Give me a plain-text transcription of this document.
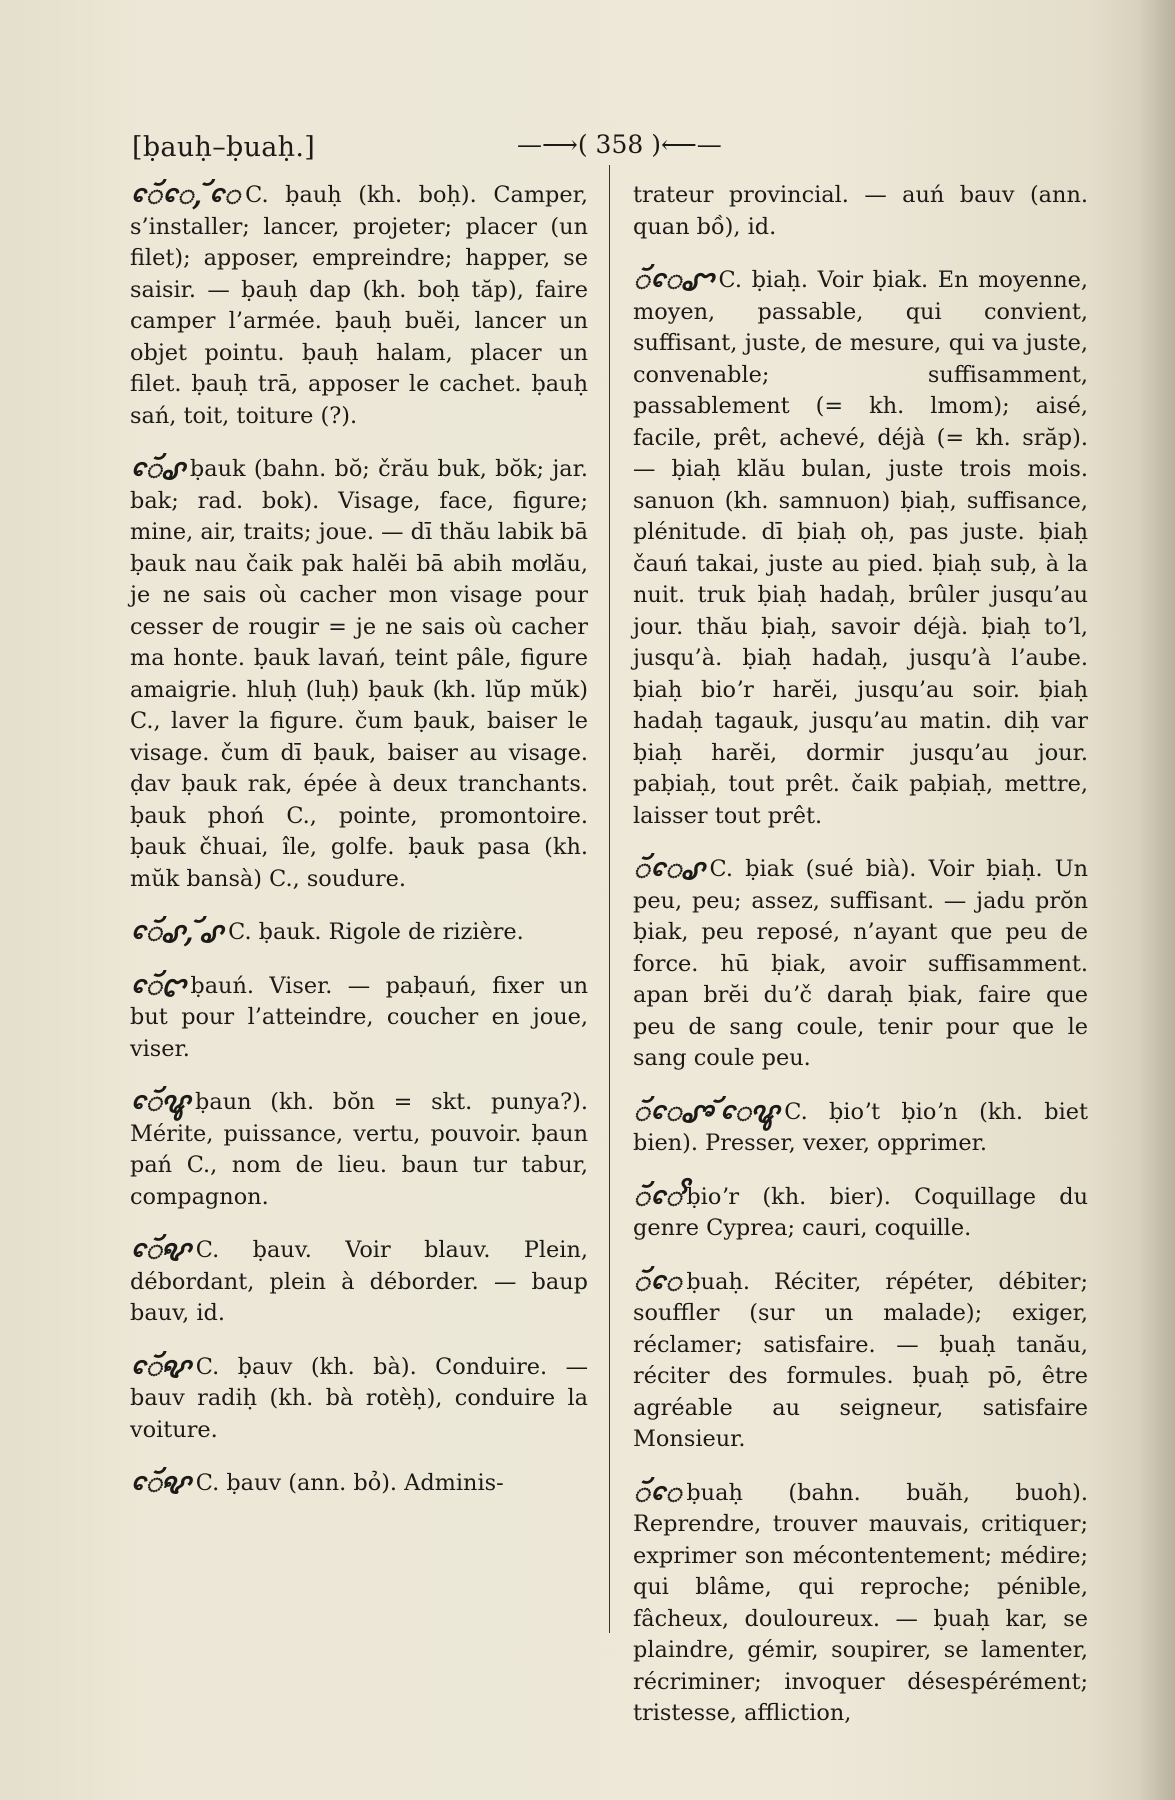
[ḅauḥ–ḅuaḥ.]	—⟶( 358 )⟵—

ꨯꨮꨯ, ꨮꨯ C. ḅauḥ (kh. boḥ). Camper, s’installer; lancer, projeter; placer (un filet); apposer, empreindre; happer, se saisir. — ḅauḥ dap (kh. boḥ tăp), faire camper l’armée. ḅauḥ buĕi, lancer un objet pointu. ḅauḥ halam, placer un filet. ḅauḥ trā, apposer le cachet. ḅauḥ sań, toit, toiture (?).

ꨯꨮꨣ ḅauk (bahn. bŏ; črău buk, bŏk; jar. bak; rad. bok). Visage, face, figure; mine, air, traits; joue. — dī thău labik bā ḅauk nau čaik pak halĕi bā abih mơlău, je ne sais où cacher mon visage pour cesser de rougir = je ne sais où cacher ma honte. ḅauk lavań, teint pâle, figure amaigrie. hluḥ (luḥ) ḅauk (kh. lŭp mŭk) C., laver la figure. čum ḅauk, baiser le visage. čum dī ḅauk, baiser au visage. ḍav ḅauk rak, épée à deux tranchants. ḅauk phoń C., pointe, promontoire. ḅauk čhuai, île, golfe. ḅauk pasa (kh. mŭk bansà) C., soudure.

ꨯꨮꨣ, ꨮꨣ C. ḅauk. Rigole de rizière.

ꨯꨮꨤ ḅauń. Viser. — paḅauń, fixer un but pour l’atteindre, coucher en joue, viser.

ꨯꨮꨥ ḅaun (kh. bŏn = skt. punya?). Mérite, puissance, vertu, pouvoir. ḅaun pań C., nom de lieu. baun tur tabur, compagnon.

ꨯꨮꨦ C. ḅauv. Voir blauv. Plein, débordant, plein à déborder. — baup bauv, id.

ꨯꨮꨦ C. ḅauv (kh. bà). Conduire. — bauv radiḥ (kh. bà rotèḥ), conduire la voiture.

ꨯꨮꨦ C. ḅauv (ann. bỏ). Adminis-

trateur provincial. — auń bauv (ann. quan bồ), id.

ꨮꨯꨧ C. ḅiaḥ. Voir ḅiak. En moyenne, moyen, passable, qui convient, suffisant, juste, de mesure, qui va juste, convenable; suffisamment, passablement (= kh. lmom); aisé, facile, prêt, achevé, déjà (= kh. srăp). — ḅiaḥ klău bulan, juste trois mois. sanuon (kh. samnuon) ḅiaḥ, suffisance, plénitude. dī ḅiaḥ oḥ, pas juste. ḅiaḥ čauń takai, juste au pied. ḅiaḥ suḅ, à la nuit. truk ḅiaḥ hadaḥ, brûler jusqu’au jour. thău ḅiaḥ, savoir déjà. ḅiaḥ toʼl, jusqu’à. ḅiaḥ hadaḥ, jusqu’à l’aube. ḅiaḥ bioʼr harĕi, jusqu’au soir. ḅiaḥ hadaḥ tagauk, jusqu’au matin. diḥ var ḅiaḥ harĕi, dormir jusqu’au jour. paḅiaḥ, tout prêt. čaik paḅiaḥ, mettre, laisser tout prêt.

ꨮꨯꨣ C. ḅiak (sué bià). Voir ḅiaḥ. Un peu, peu; assez, suffisant. — jadu prŏn ḅiak, peu reposé, n’ayant que peu de force. hū ḅiak, avoir suffisamment. apan brĕi duʼč daraḥ ḅiak, faire que peu de sang coule, tenir pour que le sang coule peu.

ꨮꨯꨨ ꨮꨯꨥ C. ḅioʼt ḅioʼn (kh. biet bien). Presser, vexer, opprimer.

ꨮꨯꨩ ḅioʼr (kh. bier). Coquillage du genre Cyprea; cauri, coquille.

ꨮꨯ ḅuaḥ. Réciter, répéter, débiter; souffler (sur un malade); exiger, réclamer; satisfaire. — ḅuaḥ tanău, réciter des formules. ḅuaḥ pō, être agréable au seigneur, satisfaire Monsieur.

ꨮꨯ ḅuaḥ (bahn. buăh, buoh). Reprendre, trouver mauvais, critiquer; exprimer son mécontentement; médire; qui blâme, qui reproche; pénible, fâcheux, douloureux. — ḅuaḥ kar, se plaindre, gémir, soupirer, se lamenter, récriminer; invoquer désespérément; tristesse, affliction,
